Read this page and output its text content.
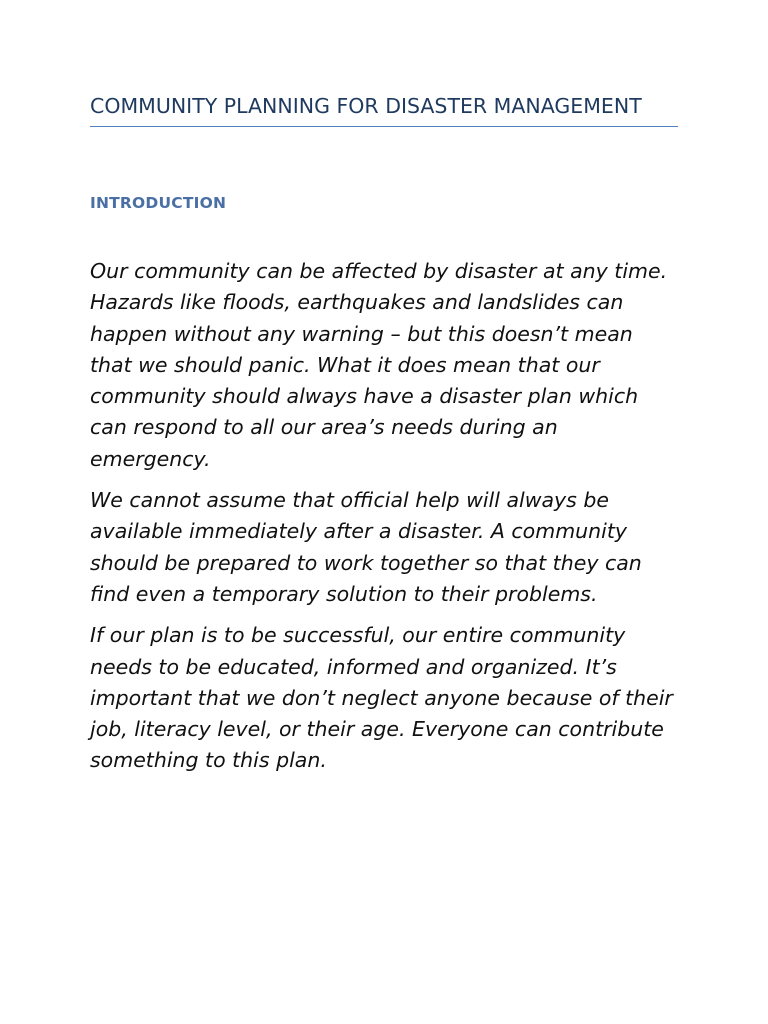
COMMUNITY PLANNING FOR DISASTER MANAGEMENT
INTRODUCTION

Our community can be affected by disaster at any time. Hazards like floods, earthquakes and landslides can happen without any warning – but this doesn’t mean that we should panic. What it does mean that our community should always have a disaster plan which can respond to all our area’s needs during an emergency.

We cannot assume that official help will always be available immediately after a disaster. A community should be prepared to work together so that they can find even a temporary solution to their problems.

If our plan is to be successful, our entire community needs to be educated, informed and organized. It’s important that we don’t neglect anyone because of their job, literacy level, or their age. Everyone can contribute something to this plan.
